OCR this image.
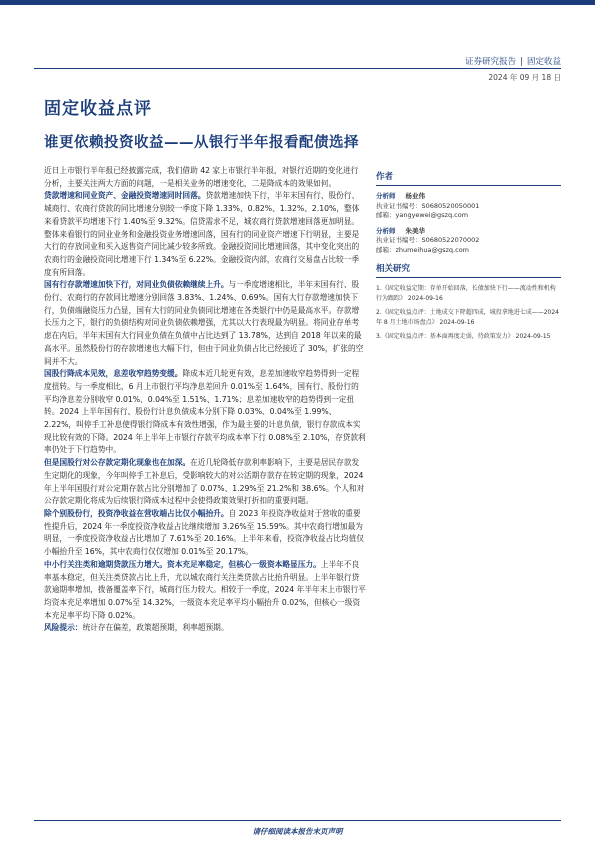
证券研究报告 | 固定收益
2024 年 09 月 18 日
固定收益点评
谁更依赖投资收益——从银行半年报看配债选择

近日上市银行半年报已经披露完成，我们借助 42 家上市银行半年报，对银行近期的变化进行分析，主要关注两大方面的问题，一是相关业务的增速变化，二是降成本的效果如何。

贷款增速和同业资产、金融投资增速同时回落。贷款增速加快下行，半年末国有行、股份行、城商行、农商行贷款的同比增速分别较一季度下降 1.33%、0.82%、1.32%、2.10%，整体来看贷款平均增速下行 1.40%至 9.32%。信贷需求不足，城农商行贷款增速回落更加明显。整体来看银行的同业业务和金融投资业务增速回落，国有行的同业资产增速下行明显，主要是大行的存放同业和买入返售资产同比减少较多所致。金融投资同比增速回落，其中变化突出的农商行的金融投资同比增速下行 1.34%至 6.22%。金融投资内部，农商行交易盘占比较一季度有所回落。

国有行存款增速加快下行，对同业负债依赖继续上升。与一季度增速相比，半年末国有行、股份行、农商行的存款同比增速分别回落 3.83%、1.24%、0.69%。国有大行存款增速加快下行，负债端融资压力凸显，国有大行的同业负债同比增速在各类银行中仍是最高水平。存款增长压力之下，银行的负债结构对同业负债依赖增强，尤其以大行表现最为明显。将同业存单考虑在内后，半年末国有大行同业负债在负债中占比达到了 13.78%，达到自 2018 年以来的最高水平。虽然股份行的存款增速也大幅下行，但由于同业负债占比已经接近了 30%，扩张的空间并不大。

国股行降成本见效，息差收窄趋势变缓。降成本近几轮更有效，息差加速收窄趋势得到一定程度扭转。与一季度相比，6 月上市银行平均净息差回升 0.01%至 1.64%，国有行、股份行的平均净息差分别收窄 0.01%、0.04%至 1.51%、1.71%；息差加速收窄的趋势得到一定扭转。2024 上半年国有行、股份行计息负债成本分别下降 0.03%、0.04%至 1.99%、2.22%，叫停手工补息使得银行降成本有效性增强，作为最主要的计息负债，银行存款成本实现比较有效的下降。2024 年上半年上市银行存款平均成本率下行 0.08%至 2.10%，存贷款利率仍处于下行趋势中。

但是国股行对公存款定期化现象也在加深。在近几轮降低存款利率影响下，主要是居民存款发生定期化的现象，今年叫停手工补息后，受影响较大的对公活期存款存在转定期的现象，2024 年上半年国股行对公定期存款占比分别增加了 0.07%、1.29%至 21.2%和 38.6%。个人和对公存款定期化将成为后续银行降成本过程中会使得政策效果打折扣的重要问题。

除个别股份行，投资净收益在营收端占比仅小幅抬升。自 2023 年投资净收益对于营收的重要性提升后，2024 年一季度投资净收益占比继续增加 3.26%至 15.59%。其中农商行增加最为明显，一季度投资净收益占比增加了 7.61%至 20.16%。上半年来看，投资净收益占比均值仅小幅抬升至 16%，其中农商行仅仅增加 0.01%至 20.17%。

中小行关注类和逾期贷款压力增大。资本充足率稳定，但核心一级资本略显压力。上半年不良率基本稳定，但关注类贷款占比上升，尤以城农商行关注类贷款占比抬升明显。上半年银行贷款逾期率增加，拨备覆盖率下行，城商行压力较大。相较于一季度，2024 年半年末上市银行平均资本充足率增加 0.07%至 14.32%，一级资本充足率平均小幅抬升 0.02%，但核心一级资本充足率平均下降 0.02%。

风险提示：统计存在偏差，政策超预期，利率超预期。

作者
分析师 杨业伟
执业证书编号：S0680520050001
邮箱：yangyewei@gszq.com
分析师 朱美华
执业证书编号：S0680522070002
邮箱：zhumeihua@gszq.com
相关研究
1.《固定收益定期：存单开始回落，长债加快下行——流动性和机构行为跟踪》 2024-09-16
2.《固定收益点评：土地成交下降超四成，城投拿地进七成——2024 年 8 月土地市场盘点》 2024-09-16
3.《固定收益点评：基本面再度走弱，待政策发力》 2024-09-15
请仔细阅读本报告末页声明
